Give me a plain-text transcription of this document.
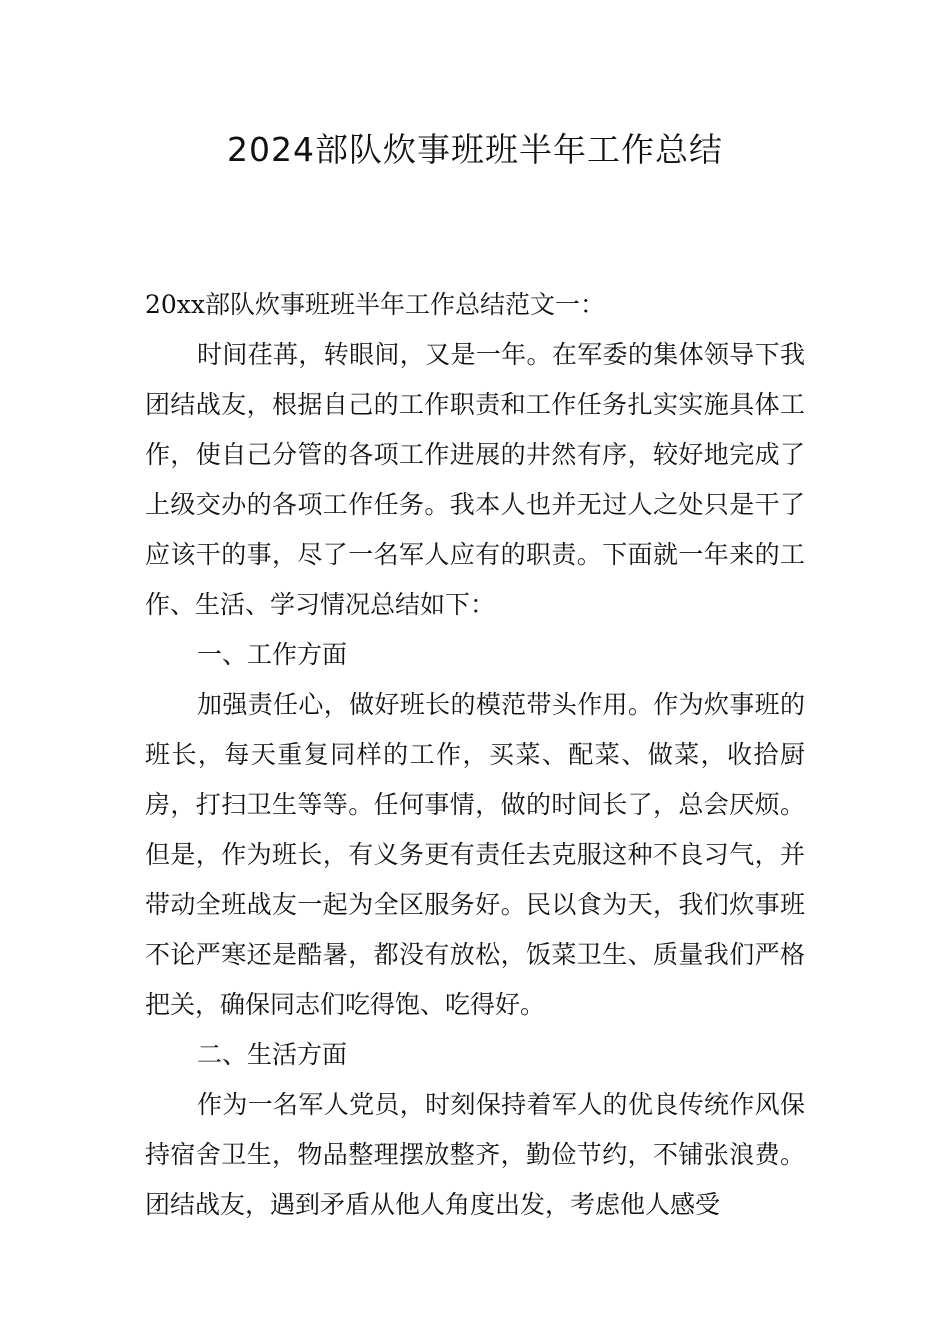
2024部队炊事班班半年工作总结

20xx部队炊事班班半年工作总结范文一：

时间荏苒，转眼间，又是一年。在军委的集体领导下我团结战友，根据自己的工作职责和工作任务扎实实施具体工作，使自己分管的各项工作进展的井然有序，较好地完成了上级交办的各项工作任务。我本人也并无过人之处只是干了应该干的事，尽了一名军人应有的职责。下面就一年来的工作、生活、学习情况总结如下：

一、工作方面

加强责任心，做好班长的模范带头作用。作为炊事班的班长，每天重复同样的工作，买菜、配菜、做菜，收拾厨房，打扫卫生等等。任何事情，做的时间长了，总会厌烦。但是，作为班长，有义务更有责任去克服这种不良习气，并带动全班战友一起为全区服务好。民以食为天，我们炊事班不论严寒还是酷暑，都没有放松，饭菜卫生、质量我们严格把关，确保同志们吃得饱、吃得好。

二、生活方面

作为一名军人党员，时刻保持着军人的优良传统作风保持宿舍卫生，物品整理摆放整齐，勤俭节约，不铺张浪费。团结战友，遇到矛盾从他人角度出发，考虑他人感受
